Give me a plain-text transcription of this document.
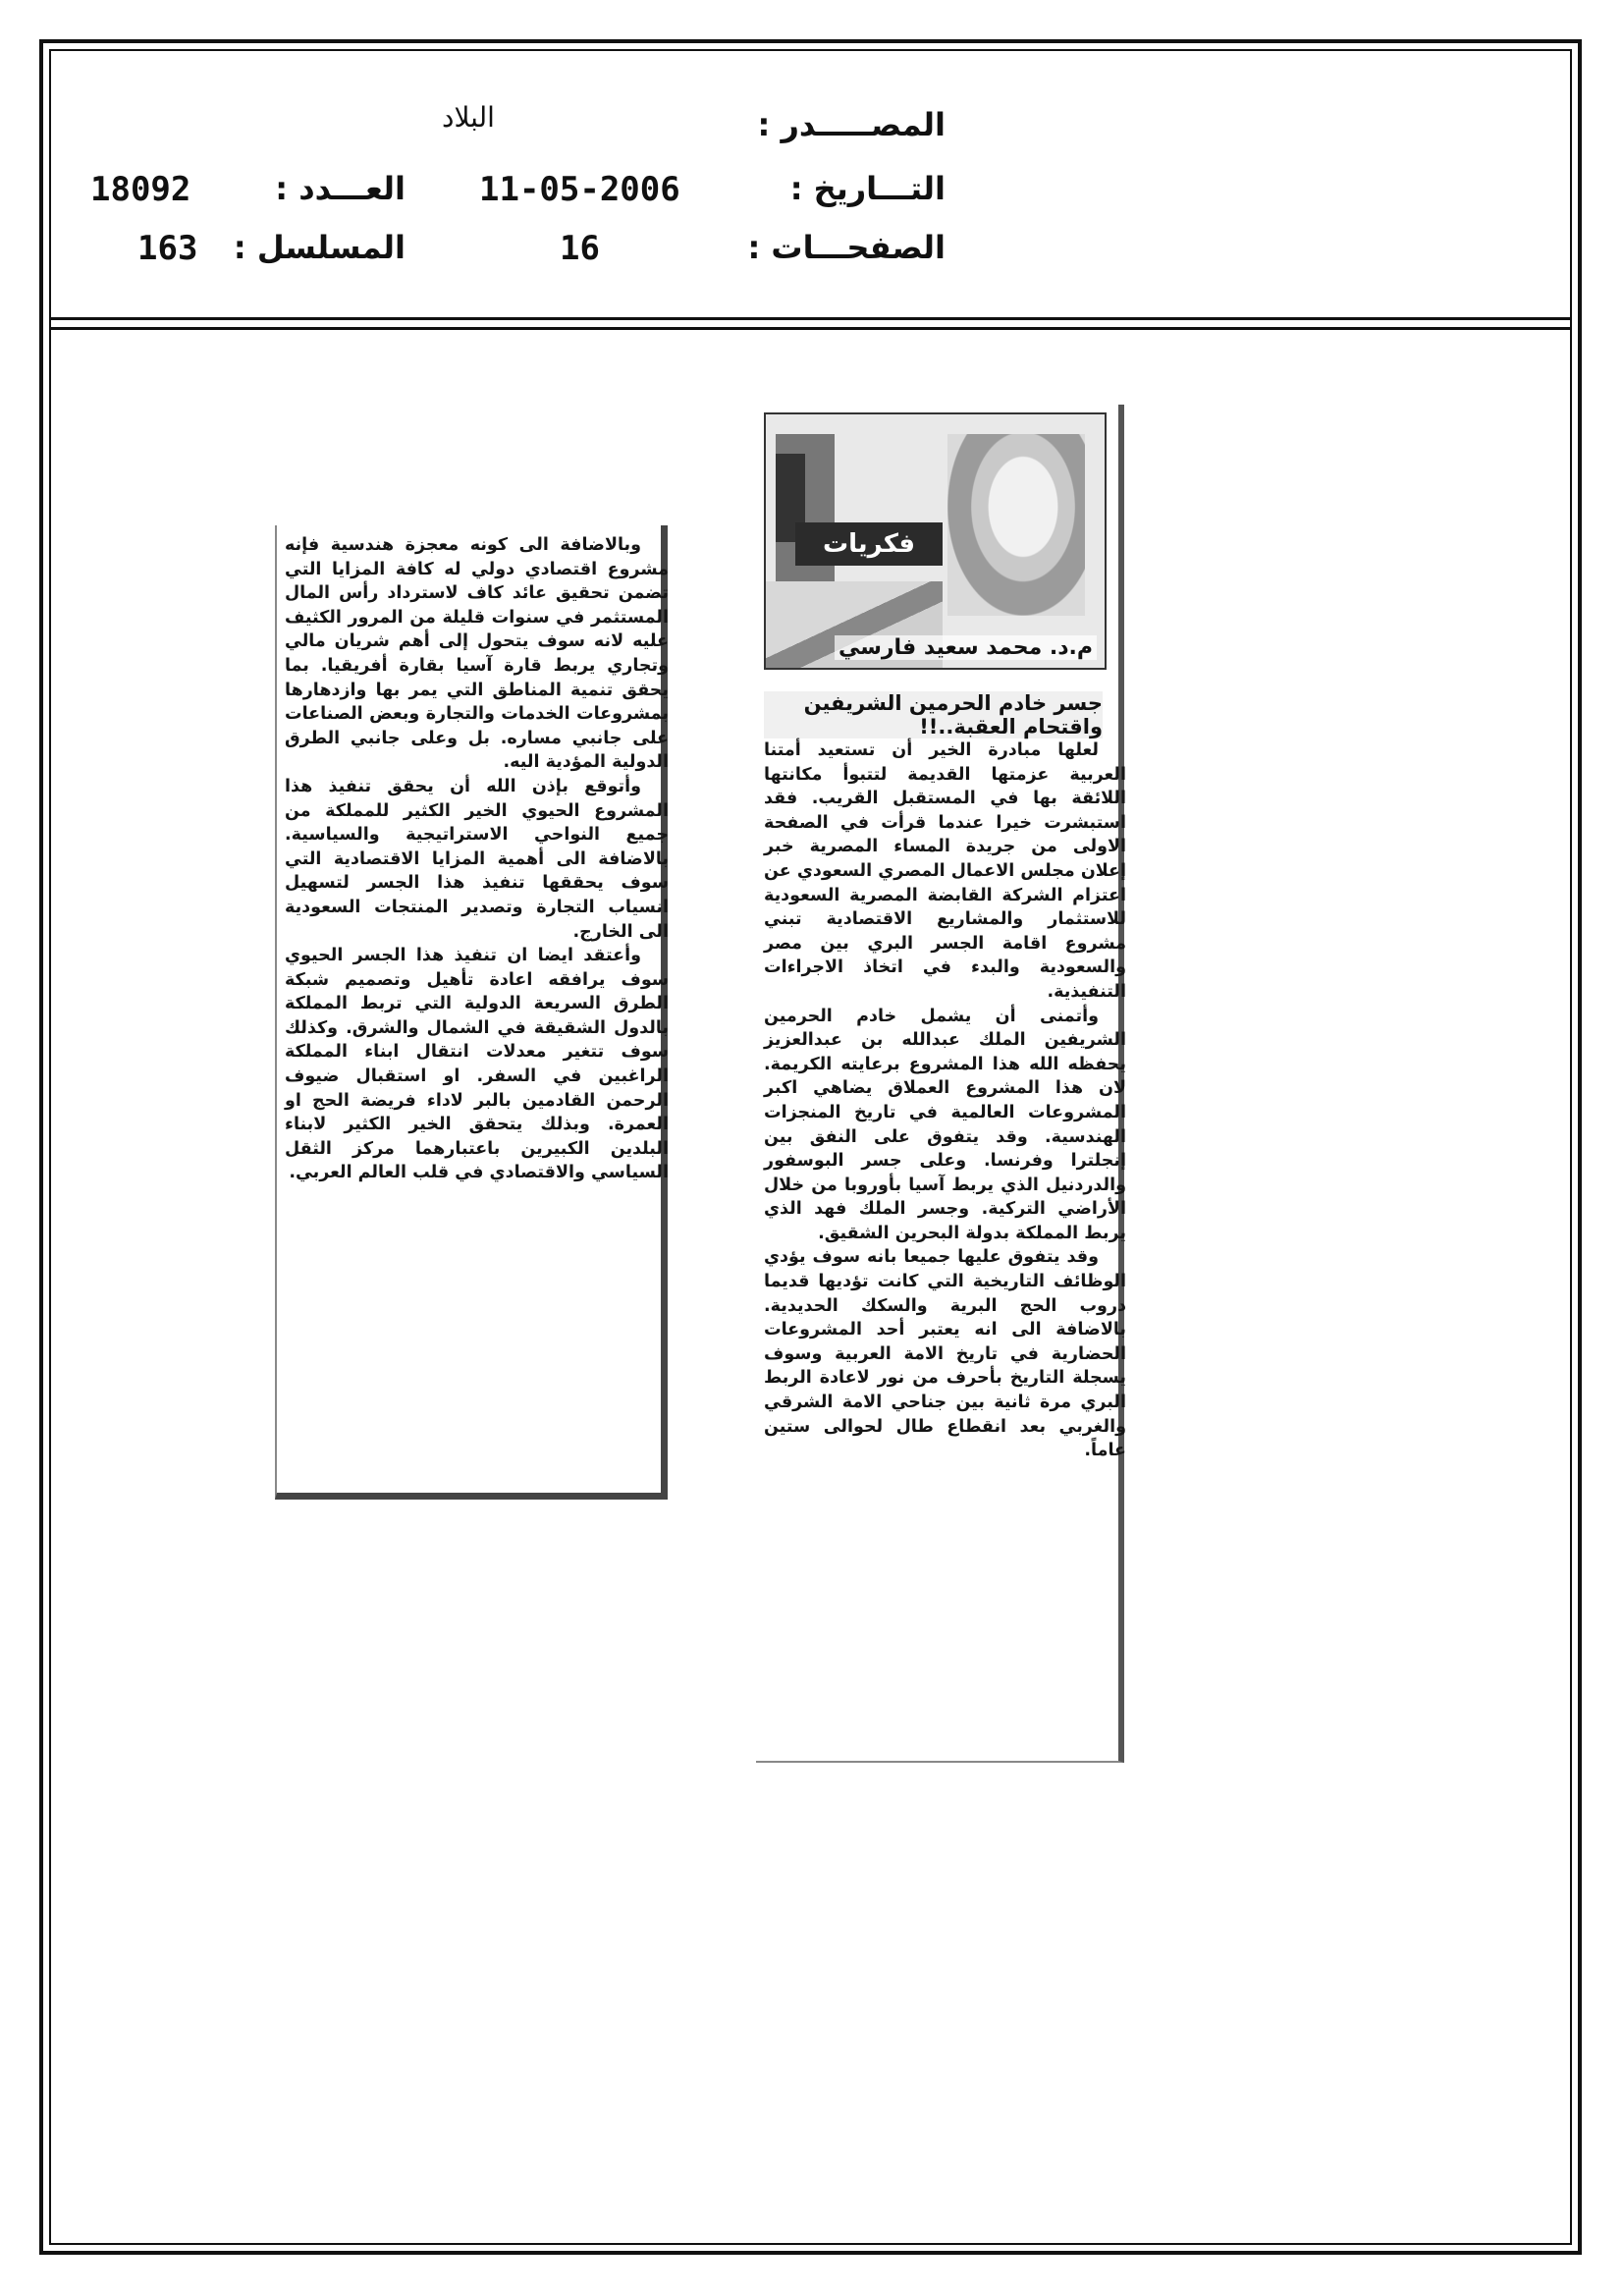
المصـــــدر :
البلاد
التـــاريخ :
11-05-2006
العـــدد :
18092
الصفحـــات :
16
المسلسل :
163
فكريات
م.د. محمد سعيد فارسي
جسر خادم الحرمين الشريفين واقتحام العقبة..!!

لعلها مبادرة الخير أن تستعيد أمتنا العربية عزمتها القديمة لتتبوأ مكانتها اللائقة بها في المستقبل القريب. فقد استبشرت خيرا عندما قرأت في الصفحة الاولى من جريدة المساء المصرية خبر إعلان مجلس الاعمال المصري السعودي عن اعتزام الشركة القابضة المصرية السعودية للاستثمار والمشاريع الاقتصادية تبني مشروع اقامة الجسر البري بين مصر والسعودية والبدء في اتخاذ الاجراءات التنفيذية.

وأتمنى أن يشمل خادم الحرمين الشريفين الملك عبدالله بن عبدالعزيز يحفظه الله هذا المشروع برعايته الكريمة. لان هذا المشروع العملاق يضاهي اكبر المشروعات العالمية في تاريخ المنجزات الهندسية. وقد يتفوق على النفق بين إنجلترا وفرنسا. وعلى جسر البوسفور والدردنيل الذي يربط آسيا بأوروبا من خلال الأراضي التركية. وجسر الملك فهد الذي يربط المملكة بدولة البحرين الشقيق.

وقد يتفوق عليها جميعا بانه سوف يؤدي الوظائف التاريخية التي كانت تؤديها قديما دروب الحج البرية والسكك الحديدية. بالاضافة الى انه يعتبر أحد المشروعات الحضارية في تاريخ الامة العربية وسوف يسجلة التاريخ بأحرف من نور لاعادة الربط البري مرة ثانية بين جناحي الامة الشرقي والغربي بعد انقطاع طال لحوالى ستين عاماً.

وبالاضافة الى كونه معجزة هندسية فإنه مشروع اقتصادي دولي له كافة المزايا التي تضمن تحقيق عائد كاف لاسترداد رأس المال المستثمر في سنوات قليلة من المرور الكثيف عليه لانه سوف يتحول إلى أهم شريان مالي وتجاري يربط قارة آسيا بقارة أفريقيا. بما يحقق تنمية المناطق التي يمر بها وازدهارها بمشروعات الخدمات والتجارة وبعض الصناعات على جانبي مساره. بل وعلى جانبي الطرق الدولية المؤدية اليه.

وأتوقع بإذن الله أن يحقق تنفيذ هذا المشروع الحيوي الخير الكثير للمملكة من جميع النواحي الاستراتيجية والسياسية. بالاضافة الى أهمية المزايا الاقتصادية التي سوف يحققها تنفيذ هذا الجسر لتسهيل انسياب التجارة وتصدير المنتجات السعودية الى الخارج.

وأعتقد ايضا ان تنفيذ هذا الجسر الحيوي سوف يرافقه اعادة تأهيل وتصميم شبكة الطرق السريعة الدولية التي تربط المملكة بالدول الشقيقة في الشمال والشرق. وكذلك سوف تتغير معدلات انتقال ابناء المملكة الراغبين في السفر. او استقبال ضيوف الرحمن القادمين بالبر لاداء فريضة الحج او العمرة. وبذلك يتحقق الخير الكثير لابناء البلدين الكبيرين باعتبارهما مركز الثقل السياسي والاقتصادي في قلب العالم العربي.
